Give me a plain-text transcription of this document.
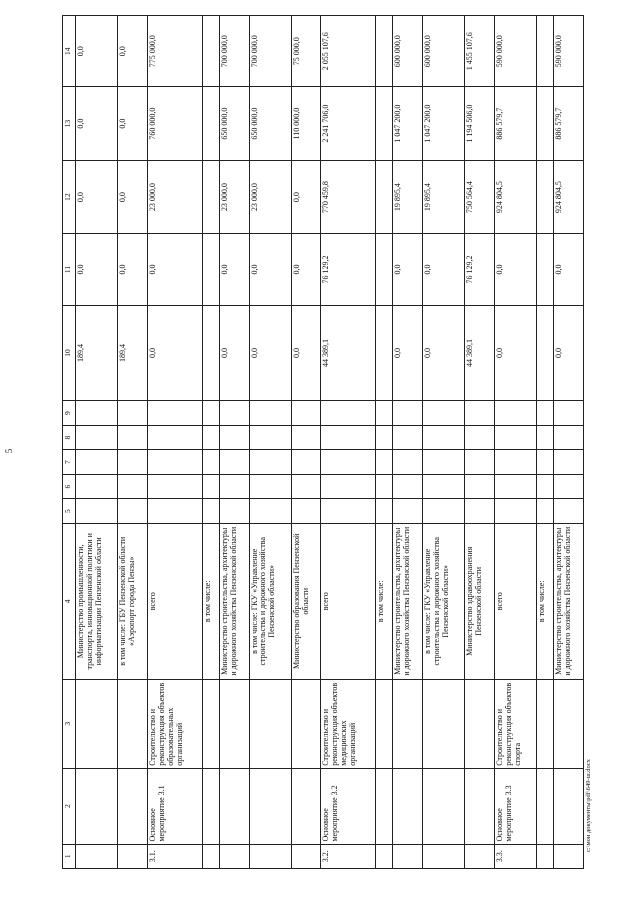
5
1	2	3	4	5	6	7	8	9	10	11	12	13	14
			Министерство промышленности, транспорта, инновационной политики и информатизации Пензенской области						189,4	0,0	0,0	0,0	0,0
			в том числе: ГБУ Пензенской области «Аэропорт города Пензы»						189,4	0,0	0,0	0,0	0,0
3.1.	Основное мероприятие 3.1	Строительство и реконструкция объектов образовательных организаций	всего						0,0	0,0	23 000,0	760 000,0	775 000,0
			в том числе:										
			Министерство строительства, архитектуры и дорожного хозяйства Пензенской области						0,0	0,0	23 000,0	650 000,0	700 000,0
			в том числе: ГКУ «Управление строительства и дорожного хозяйства Пензенской области»						0,0	0,0	23 000,0	650 000,0	700 000,0
			Министерство образования Пензенской области						0,0	0,0	0,0	110 000,0	75 000,0
3.2.	Основное мероприятие 3.2	Строительство и реконструкция объектов медицинских организаций	всего						44 389,1	76 129,2	770 459,8	2 241 706,0	2 055 107,6
			в том числе:										
			Министерство строительства, архитектуры и дорожного хозяйства Пензенской области						0,0	0,0	19 895,4	1 047 200,0	600 000,0
			в том числе: ГКУ «Управление строительства и дорожного хозяйства Пензенской области»						0,0	0,0	19 895,4	1 047 200,0	600 000,0
			Министерство здравоохранения Пензенской области						44 389,1	76 129,2	750 564,4	1 194 506,0	1 455 107,6
3.3.	Основное мероприятие 3.3	Строительство и реконструкция объектов спорта	всего						0,0	0,0	924 804,5	886 579,7	590 000,0
			в том числе:										
			Министерство строительства, архитектуры и дорожного хозяйства Пензенской области						0,0	0,0	924 804,5	886 579,7	590 000,0
c:\мои документы\pdf\649-ш.docx
